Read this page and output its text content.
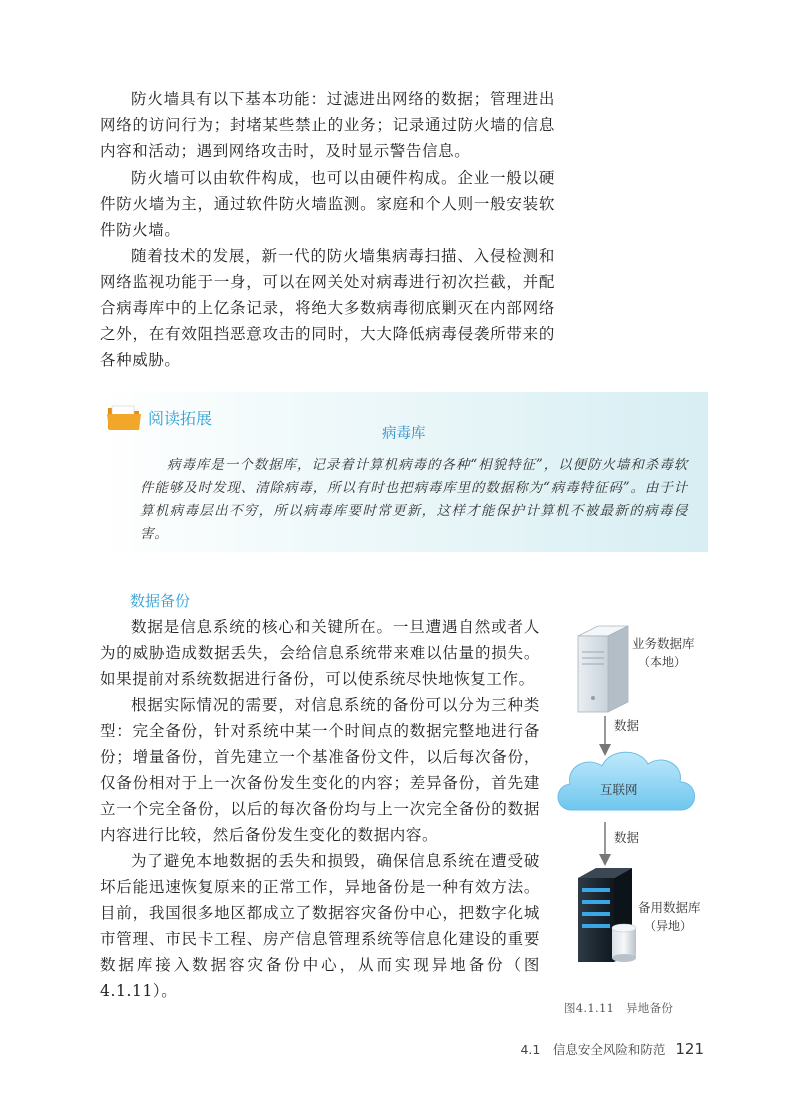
防火墙具有以下基本功能：过滤进出网络的数据；管理进出网络的访问行为；封堵某些禁止的业务；记录通过防火墙的信息内容和活动；遇到网络攻击时，及时显示警告信息。

防火墙可以由软件构成，也可以由硬件构成。企业一般以硬件防火墙为主，通过软件防火墙监测。家庭和个人则一般安装软件防火墙。

随着技术的发展，新一代的防火墙集病毒扫描、入侵检测和网络监视功能于一身，可以在网关处对病毒进行初次拦截，并配合病毒库中的上亿条记录，将绝大多数病毒彻底剿灭在内部网络之外，在有效阻挡恶意攻击的同时，大大降低病毒侵袭所带来的各种威胁。

阅读拓展
病毒库

病毒库是一个数据库，记录着计算机病毒的各种“相貌特征”，以便防火墙和杀毒软件能够及时发现、清除病毒，所以有时也把病毒库里的数据称为“病毒特征码”。由于计算机病毒层出不穷，所以病毒库要时常更新，这样才能保护计算机不被最新的病毒侵害。

数据备份

数据是信息系统的核心和关键所在。一旦遭遇自然或者人为的威胁造成数据丢失，会给信息系统带来难以估量的损失。如果提前对系统数据进行备份，可以使系统尽快地恢复工作。

根据实际情况的需要，对信息系统的备份可以分为三种类型：完全备份，针对系统中某一个时间点的数据完整地进行备份；增量备份，首先建立一个基准备份文件，以后每次备份，仅备份相对于上一次备份发生变化的内容；差异备份，首先建立一个完全备份，以后的每次备份均与上一次完全备份的数据内容进行比较，然后备份发生变化的数据内容。

为了避免本地数据的丢失和损毁，确保信息系统在遭受破坏后能迅速恢复原来的正常工作，异地备份是一种有效方法。目前，我国很多地区都成立了数据容灾备份中心，把数字化城市管理、市民卡工程、房产信息管理系统等信息化建设的重要数据库接入数据容灾备份中心，从而实现异地备份（图4.1.11）。

业务数据库
（本地）
数据
互联网
数据
备用数据库
（异地）
图4.1.11　异地备份
4.1　信息安全风险和防范 121
